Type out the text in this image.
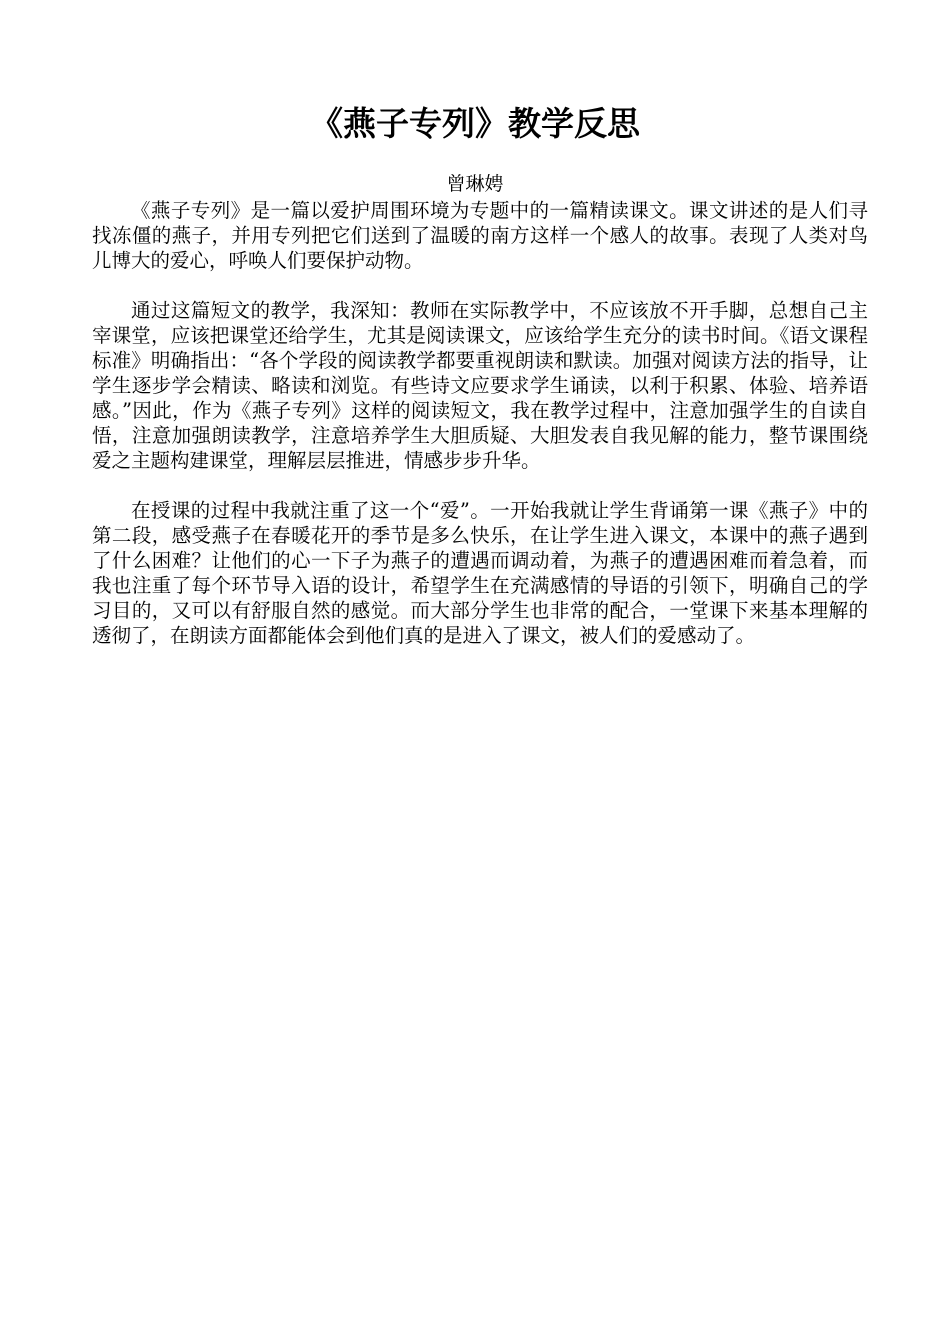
《燕子专列》教学反思

曾琳娉

《燕子专列》是一篇以爱护周围环境为专题中的一篇精读课文。课文讲述的是人们寻找冻僵的燕子，并用专列把它们送到了温暖的南方这样一个感人的故事。表现了人类对鸟儿博大的爱心，呼唤人们要保护动物。

通过这篇短文的教学，我深知：教师在实际教学中，不应该放不开手脚，总想自己主宰课堂，应该把课堂还给学生，尤其是阅读课文，应该给学生充分的读书时间。《语文课程标准》明确指出：“各个学段的阅读教学都要重视朗读和默读。加强对阅读方法的指导，让学生逐步学会精读、略读和浏览。有些诗文应要求学生诵读，以利于积累、体验、培养语感。”因此，作为《燕子专列》这样的阅读短文，我在教学过程中，注意加强学生的自读自悟，注意加强朗读教学，注意培养学生大胆质疑、大胆发表自我见解的能力，整节课围绕爱之主题构建课堂，理解层层推进，情感步步升华。

在授课的过程中我就注重了这一个“爱”。一开始我就让学生背诵第一课《燕子》中的第二段，感受燕子在春暖花开的季节是多么快乐，在让学生进入课文，本课中的燕子遇到了什么困难？让他们的心一下子为燕子的遭遇而调动着，为燕子的遭遇困难而着急着，而我也注重了每个环节导入语的设计，希望学生在充满感情的导语的引领下，明确自己的学习目的，又可以有舒服自然的感觉。而大部分学生也非常的配合，一堂课下来基本理解的透彻了，在朗读方面都能体会到他们真的是进入了课文，被人们的爱感动了。
